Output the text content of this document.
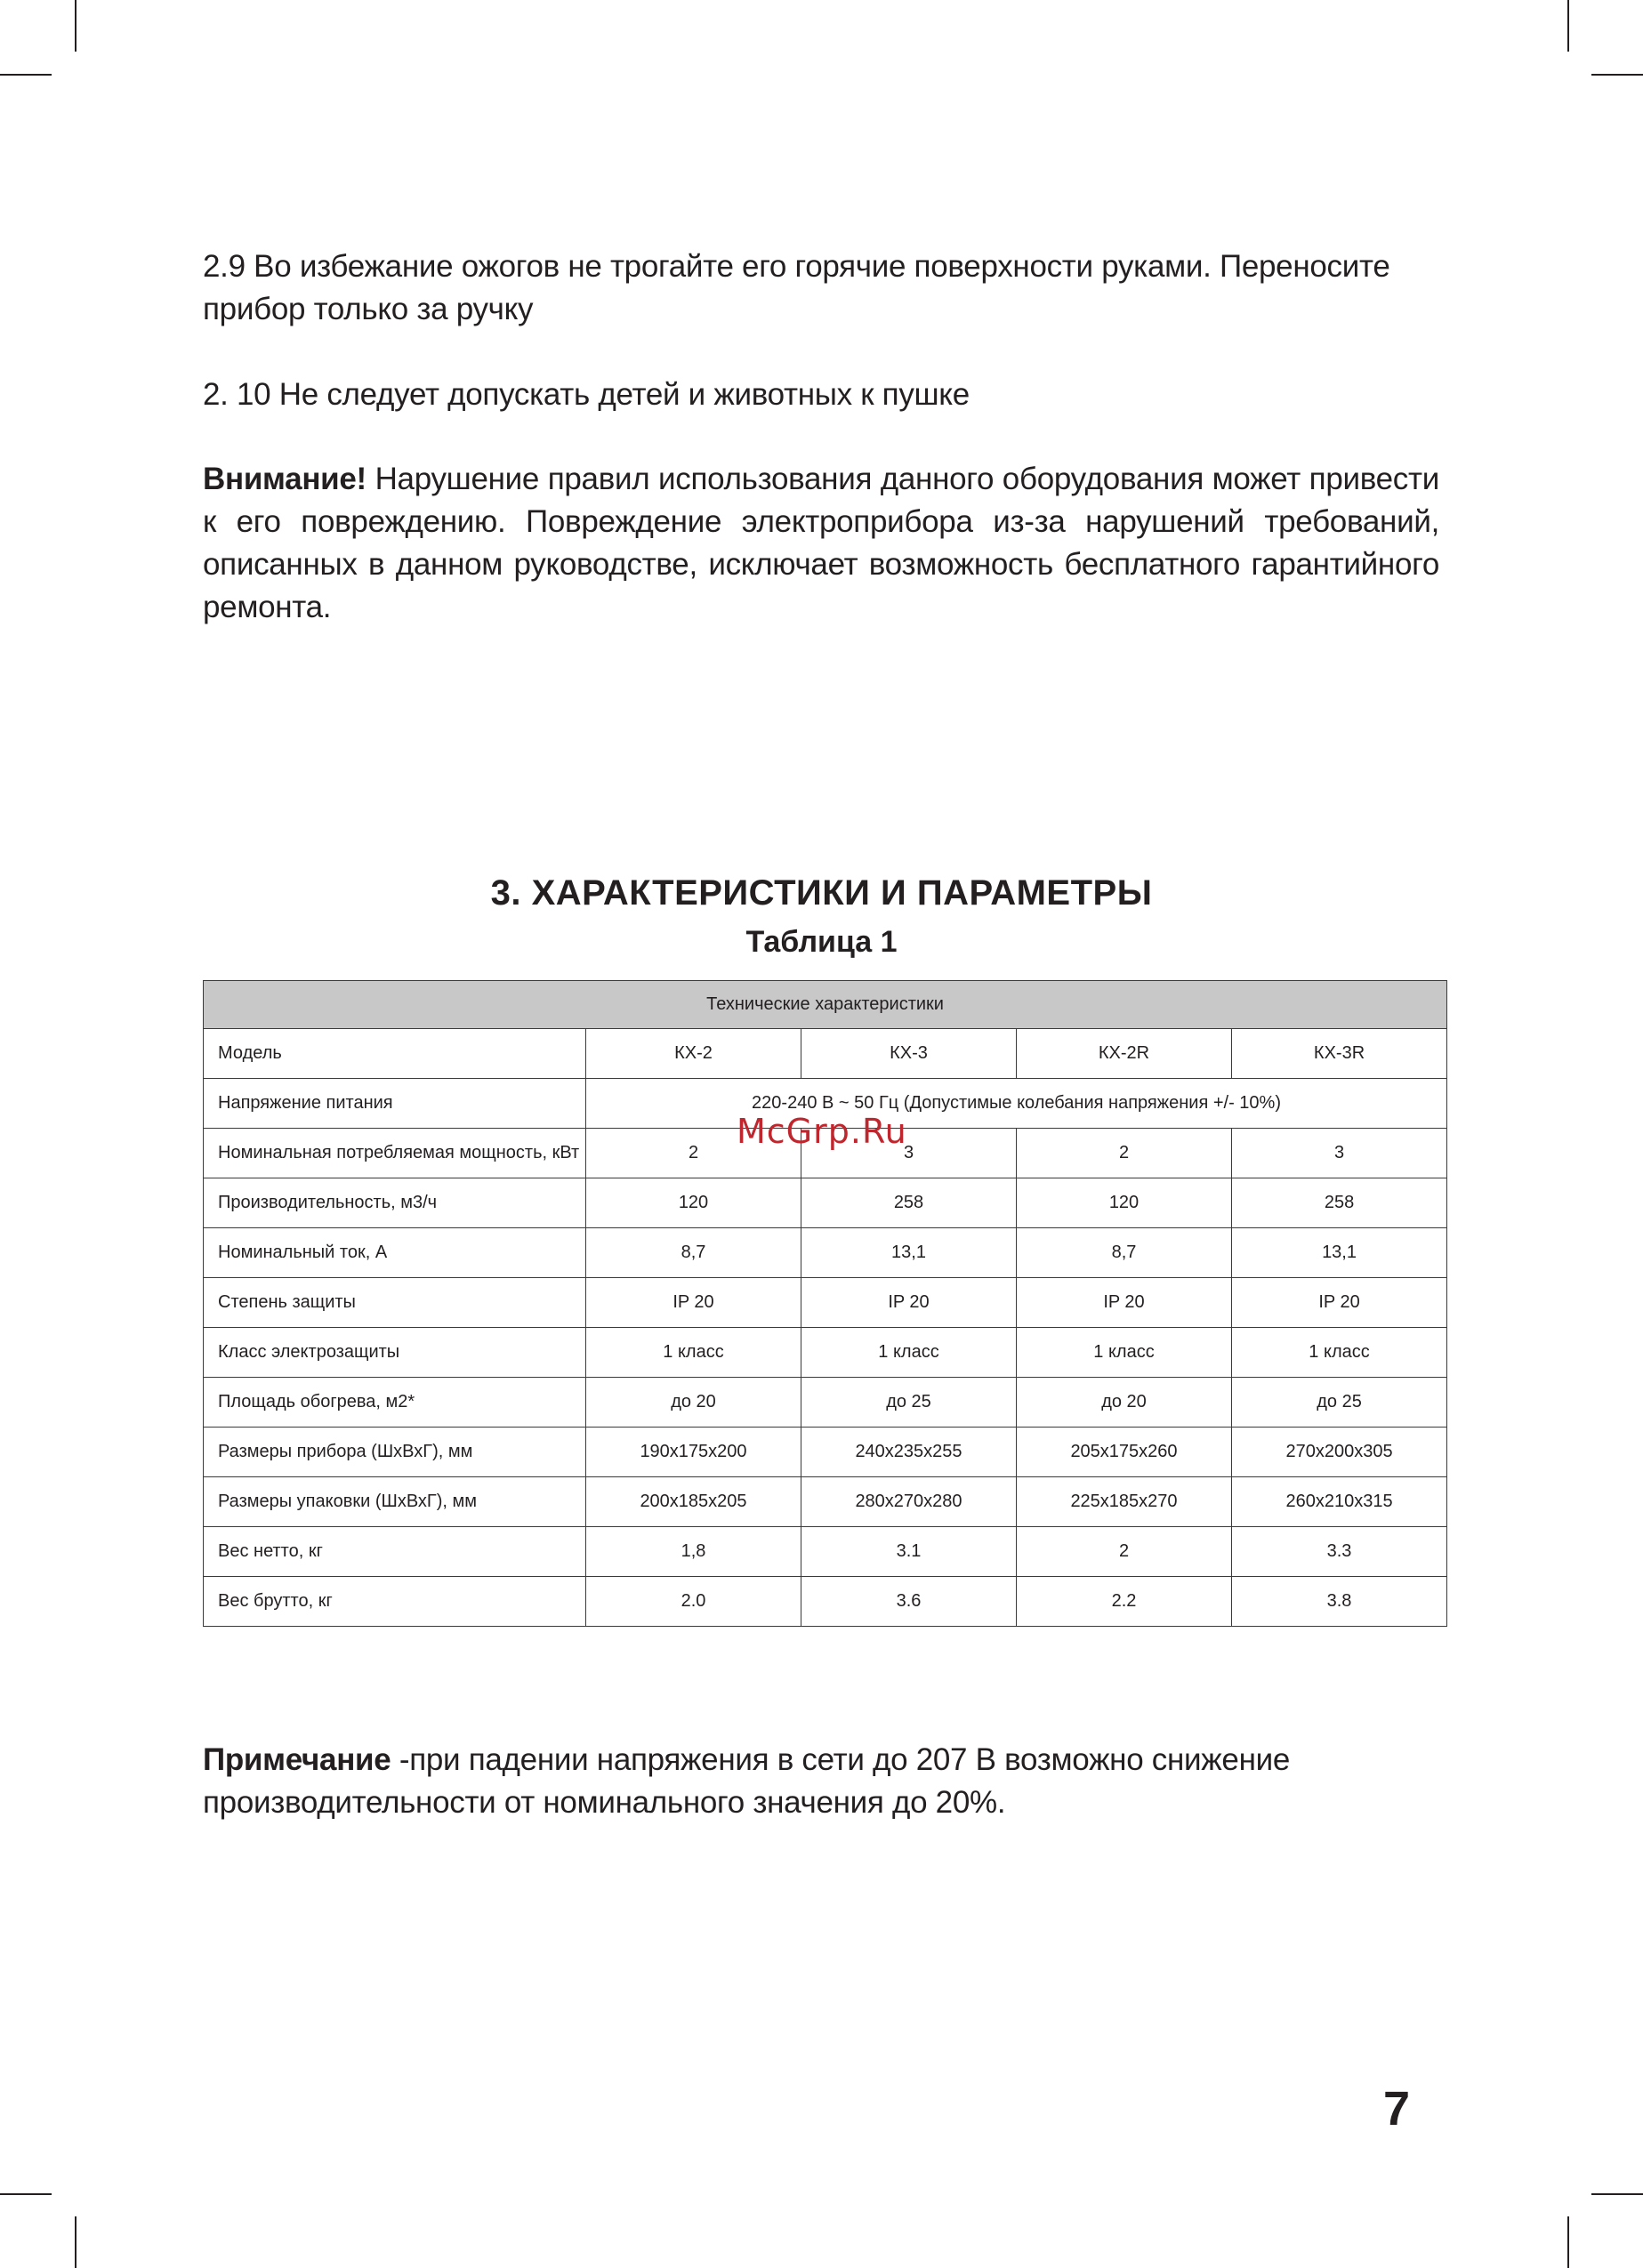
2.9 Во избежание ожогов не трогайте его горячие поверхности руками. Переносите прибор только за ручку

2. 10 Не следует допускать детей и животных к пушке

Внимание! Нарушение правил использования данного оборудования может привести к его повреждению. Повреждение электроприбора из-за нарушений требований, описанных в данном руководстве, исключает возможность бесплатного гарантийного ремонта.

3. ХАРАКТЕРИСТИКИ И ПАРАМЕТРЫ
Таблица 1
Технические характеристики				
Модель	КХ-2	КХ-3	КХ-2R	КХ-3R
Напряжение питания	220-240 В ~ 50 Гц (Допустимые колебания напряжения +/- 10%)			
Номинальная потребляемая мощность, кВт	2	3	2	3
Производительность, м3/ч	120	258	120	258
Номинальный ток, А	8,7	13,1	8,7	13,1
Степень защиты	IP 20	IP 20	IP 20	IP 20
Класс электрозащиты	1 класс	1 класс	1 класс	1 класс
Площадь обогрева, м2*	до 20	до 25	до 20	до 25
Размеры прибора (ШхВхГ), мм	190x175x200	240x235x255	205x175x260	270x200x305
Размеры упаковки (ШхВхГ), мм	200x185x205	280x270x280	225x185x270	260x210x315
Вес нетто, кг	1,8	3.1	2	3.3
Вес брутто, кг	2.0	3.6	2.2	3.8
McGrp.Ru

Примечание -при падении напряжения в сети до 207 В возможно снижение производительности от номинального значения до 20%.

7
